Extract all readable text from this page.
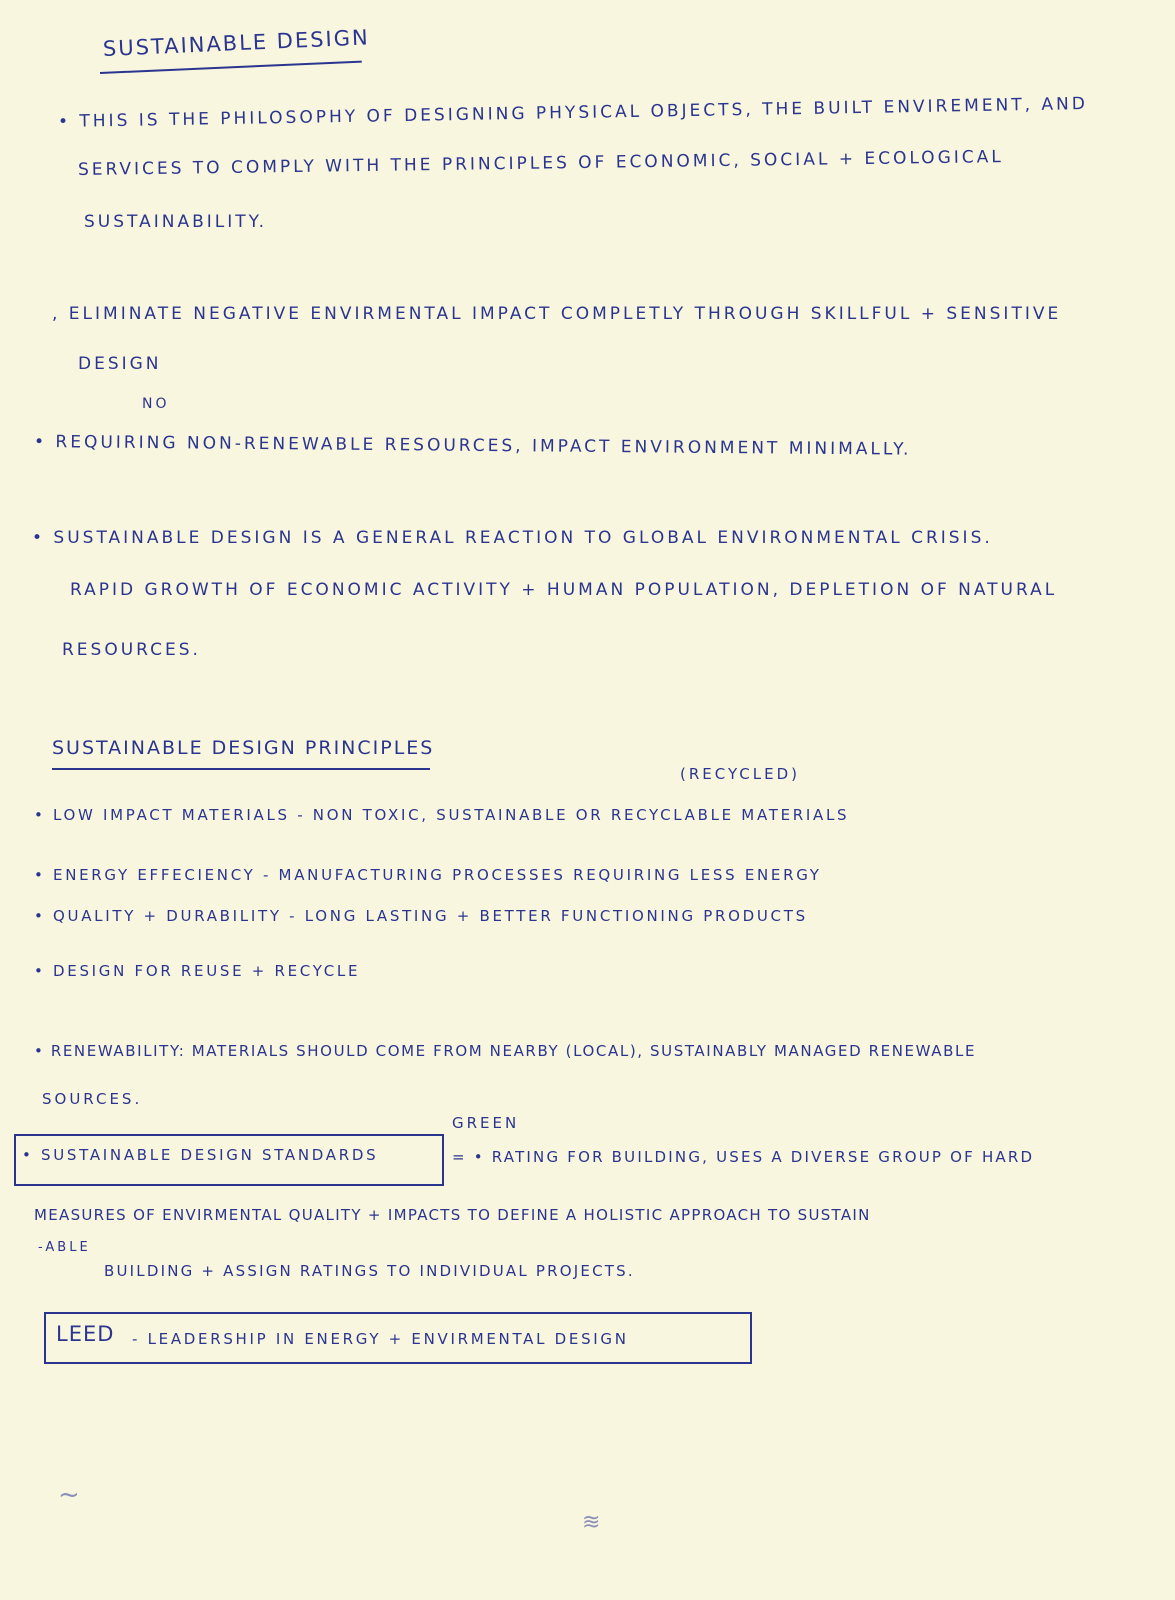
SUSTAINABLE DESIGN
• THIS IS THE PHILOSOPHY OF DESIGNING PHYSICAL OBJECTS, THE BUILT ENVIREMENT, AND
SERVICES TO COMPLY WITH THE PRINCIPLES OF ECONOMIC, SOCIAL + ECOLOGICAL
SUSTAINABILITY.
, ELIMINATE NEGATIVE ENVIRMENTAL IMPACT COMPLETLY THROUGH SKILLFUL + SENSITIVE
DESIGN
NO
• REQUIRING NON-RENEWABLE RESOURCES, IMPACT ENVIRONMENT MINIMALLY.
• SUSTAINABLE DESIGN IS A GENERAL REACTION TO GLOBAL ENVIRONMENTAL CRISIS.
RAPID GROWTH OF ECONOMIC ACTIVITY + HUMAN POPULATION, DEPLETION OF NATURAL
RESOURCES.
SUSTAINABLE DESIGN PRINCIPLES
(RECYCLED)
• LOW IMPACT MATERIALS - NON TOXIC, SUSTAINABLE OR RECYCLABLE MATERIALS
• ENERGY EFFECIENCY - MANUFACTURING PROCESSES REQUIRING LESS ENERGY
• QUALITY + DURABILITY - LONG LASTING + BETTER FUNCTIONING PRODUCTS
• DESIGN FOR REUSE + RECYCLE
• RENEWABILITY: MATERIALS SHOULD COME FROM NEARBY (LOCAL), SUSTAINABLY MANAGED RENEWABLE
SOURCES.
GREEN
• SUSTAINABLE DESIGN STANDARDS	= • RATING FOR BUILDING, USES A DIVERSE GROUP OF HARD
MEASURES OF ENVIRMENTAL QUALITY + IMPACTS TO DEFINE A HOLISTIC APPROACH TO SUSTAIN
-ABLE
BUILDING + ASSIGN RATINGS TO INDIVIDUAL PROJECTS.
LEED - LEADERSHIP IN ENERGY + ENVIRMENTAL DESIGN
~
≋
